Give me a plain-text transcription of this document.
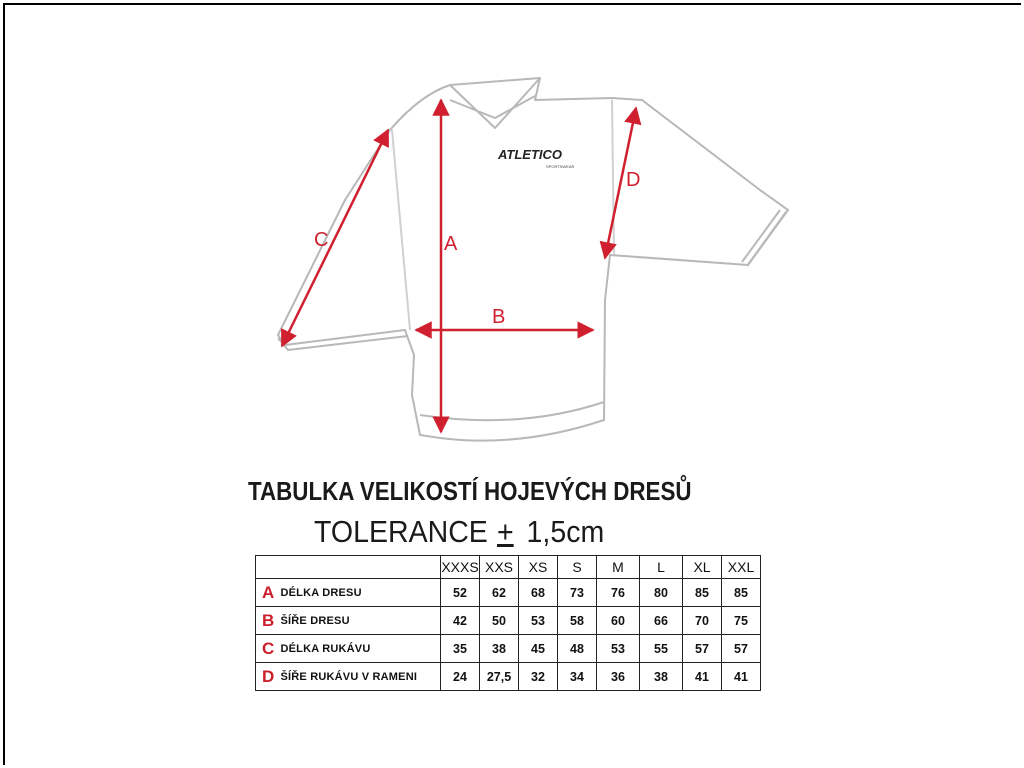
ATLETICO
SPORTSWEAR
A
B
C
D
TABULKA VELIKOSTÍ HOJEVÝCH DRESŮ
TOLERANCE + 1,5cm
	XXXS	XXS	XS	S	M	L	XL	XXL

A DÉLKA DRESU	52	62	68	73	76	80	85	85

B ŠÍŘE DRESU	42	50	53	58	60	66	70	75

C DÉLKA RUKÁVU	35	38	45	48	53	55	57	57

D ŠÍŘE RUKÁVU V RAMENI	24	27,5	32	34	36	38	41	41
